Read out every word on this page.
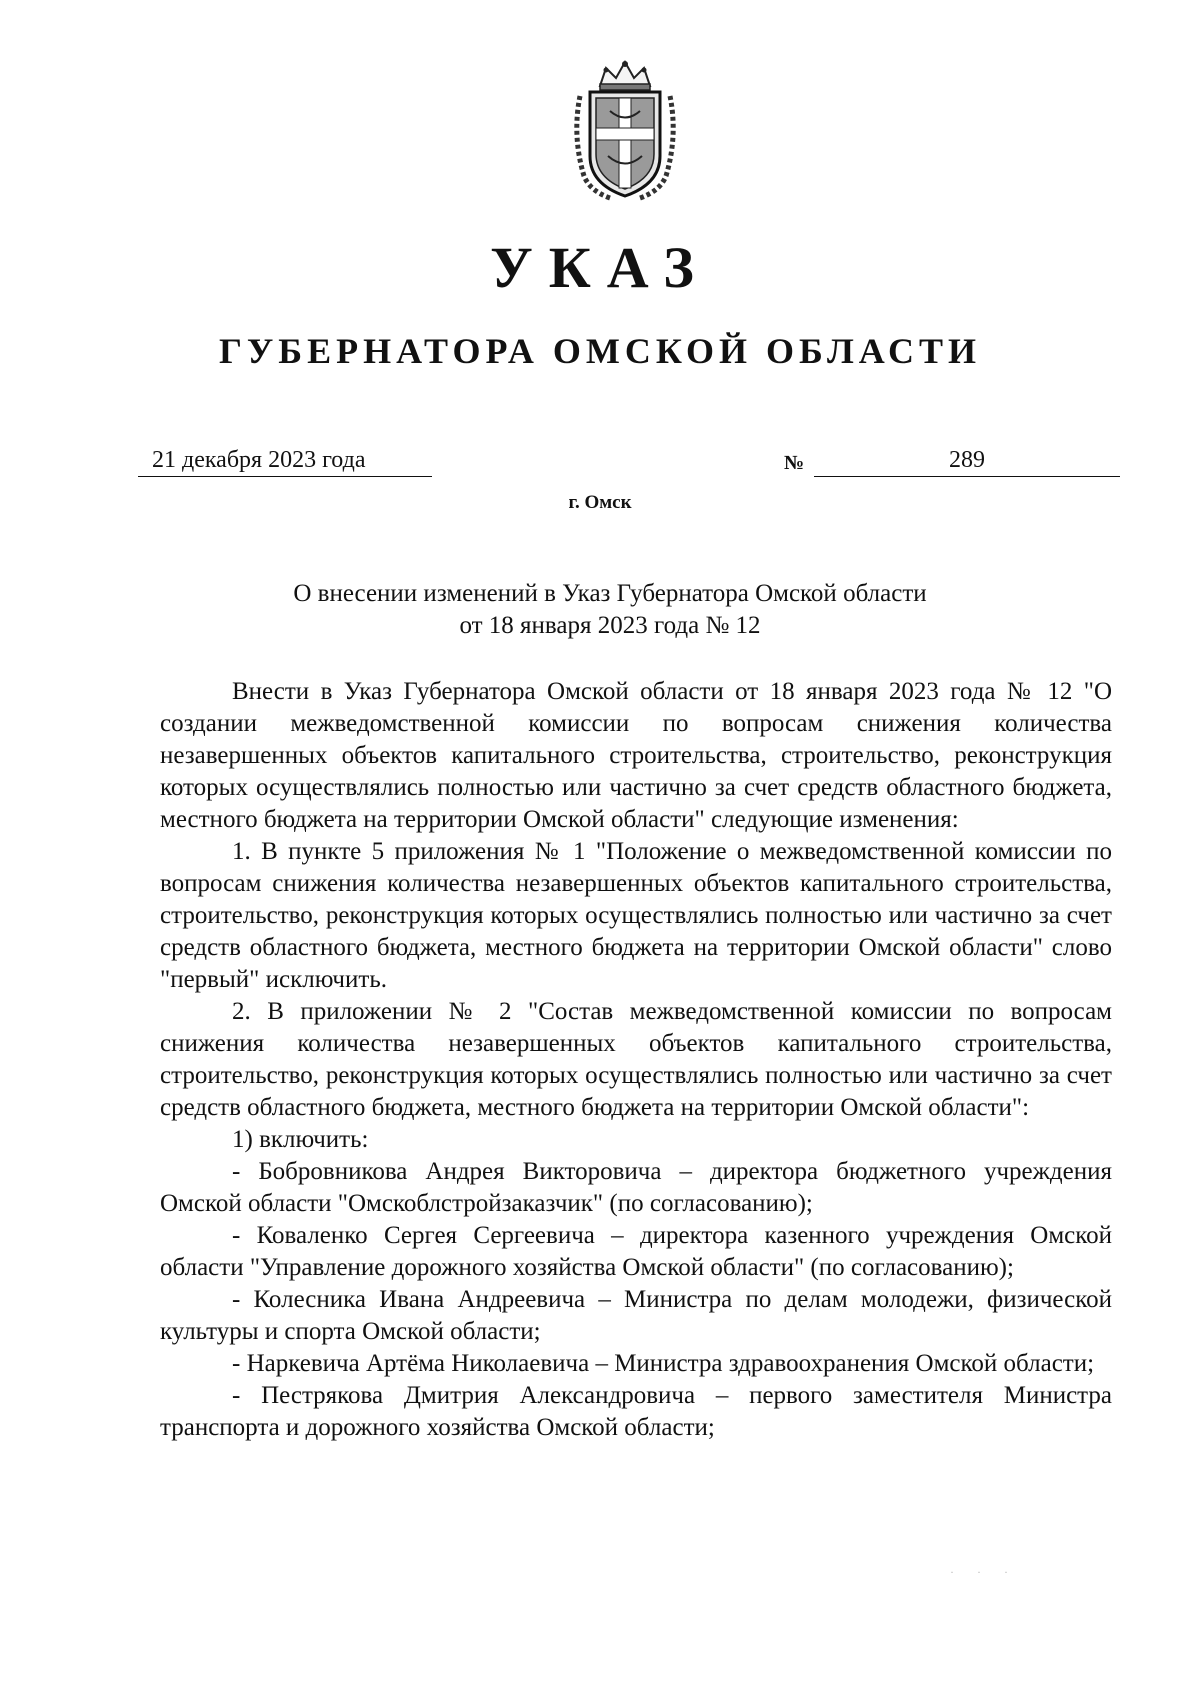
УКАЗ
ГУБЕРНАТОРА ОМСКОЙ ОБЛАСТИ
21 декабря 2023 года	№	289
г. Омск
О внесении изменений в Указ Губернатора Омской области
от 18 января 2023 года № 12

Внести в Указ Губернатора Омской области от 18 января 2023 года № 12 "О создании межведомственной комиссии по вопросам снижения количества незавершенных объектов капитального строительства, строительство, реконструкция которых осуществлялись полностью или частично за счет средств областного бюджета, местного бюджета на территории Омской области" следующие изменения:

1. В пункте 5 приложения № 1 "Положение о межведомственной комиссии по вопросам снижения количества незавершенных объектов капитального строительства, строительство, реконструкция которых осуществлялись полностью или частично за счет средств областного бюджета, местного бюджета на территории Омской области" слово "первый" исключить.

2. В приложении № 2 "Состав межведомственной комиссии по вопросам снижения количества незавершенных объектов капитального строительства, строительство, реконструкция которых осуществлялись полностью или частично за счет средств областного бюджета, местного бюджета на территории Омской области":

1) включить:

- Бобровникова Андрея Викторовича – директора бюджетного учреждения Омской области "Омскоблстройзаказчик" (по согласованию);

- Коваленко Сергея Сергеевича – директора казенного учреждения Омской области "Управление дорожного хозяйства Омской области" (по согласованию);

- Колесника Ивана Андреевича – Министра по делам молодежи, физической культуры и спорта Омской области;

- Наркевича Артёма Николаевича – Министра здравоохранения Омской области;

- Пестрякова Дмитрия Александровича – первого заместителя Министра транспорта и дорожного хозяйства Омской области;

· · ·
